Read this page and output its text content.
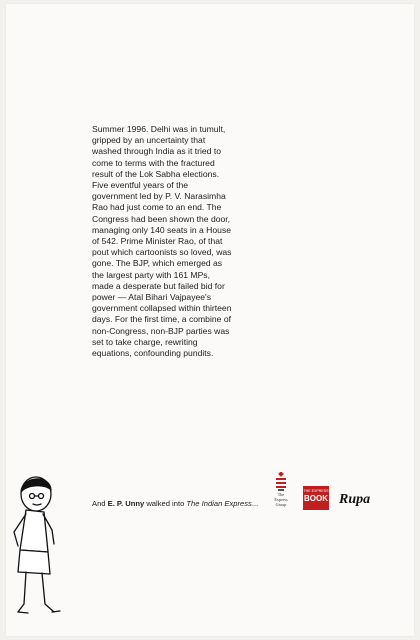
Summer 1996. Delhi was in tumult, gripped by an uncertainty that washed through India as it tried to come to terms with the fractured result of the Lok Sabha elections.

Five eventful years of the government led by P. V. Narasimha Rao had just come to an end. The Congress had been shown the door, managing only 140 seats in a House of 542. Prime Minister Rao, of that pout which cartoonists so loved, was gone. The BJP, which emerged as the largest party with 161 MPs, made a desperate but failed bid for power — Atal Bihari Vajpayee's government collapsed within thirteen days. For the first time, a combine of non-Congress, non-BJP parties was set to take charge, rewriting equations, confounding pundits.

And E. P. Unny walked into The Indian Express...
The
Express
Group
THE EXPRESS
BOOK Rupa
